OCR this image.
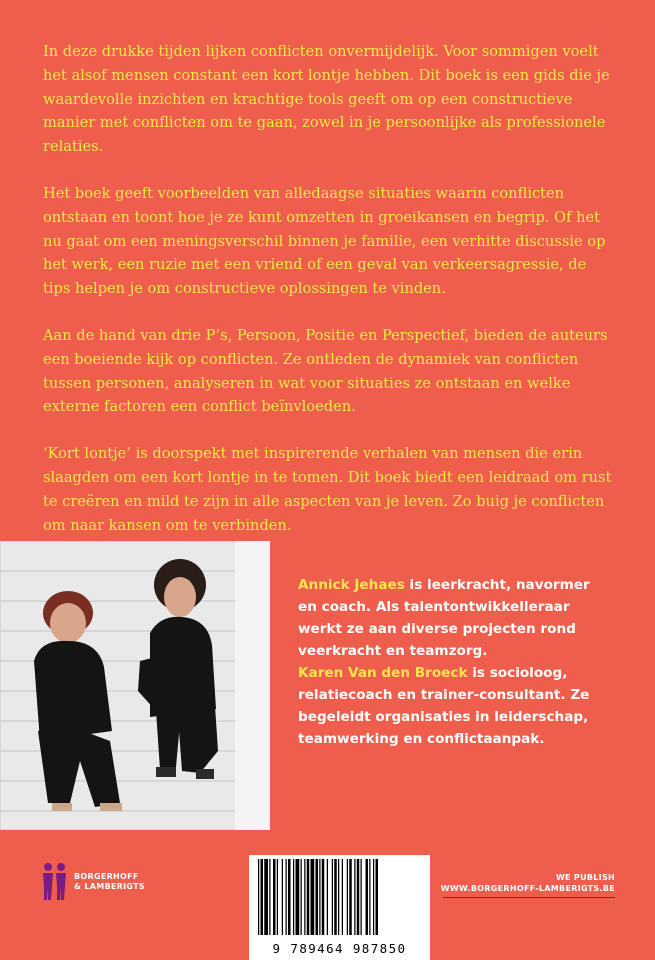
In deze drukke tijden lijken conflicten onvermijdelijk. Voor sommigen voelt het alsof mensen constant een kort lontje hebben. Dit boek is een gids die je waardevolle inzichten en krachtige tools geeft om op een constructieve manier met conflicten om te gaan, zowel in je persoonlijke als professionele relaties.

Het boek geeft voorbeelden van alledaagse situaties waarin conflicten ontstaan en toont hoe je ze kunt omzetten in groeikansen en begrip. Of het nu gaat om een meningsverschil binnen je familie, een verhitte discussie op het werk, een ruzie met een vriend of een geval van verkeersagressie, de tips helpen je om constructieve oplossingen te vinden.

Aan de hand van drie P’s, Persoon, Positie en Perspectief, bieden de auteurs een boeiende kijk op conflicten. Ze ontleden de dynamiek van conflicten tussen personen, analyseren in wat voor situaties ze ontstaan en welke externe factoren een conflict beïnvloeden.

‘Kort lontje’ is doorspekt met inspirerende verhalen van mensen die erin slaagden om een kort lontje in te tomen. Dit boek biedt een leidraad om rust te creëren en mild te zijn in alle aspecten van je leven. Zo buig je conflicten om naar kansen om te verbinden.

Annick Jehaes is leerkracht, navormer en coach. Als talentontwikkelleraar werkt ze aan diverse projecten rond veerkracht en teamzorg.

Karen Van den Broeck is socioloog, relatiecoach en trainer-consultant. Ze begeleidt organisaties in leiderschap, teamwerking en conflictaanpak.

BORGERHOFF
& LAMBERIGTS
9 789464 987850
WE PUBLISH
WWW.BORGERHOFF-LAMBERIGTS.BE
